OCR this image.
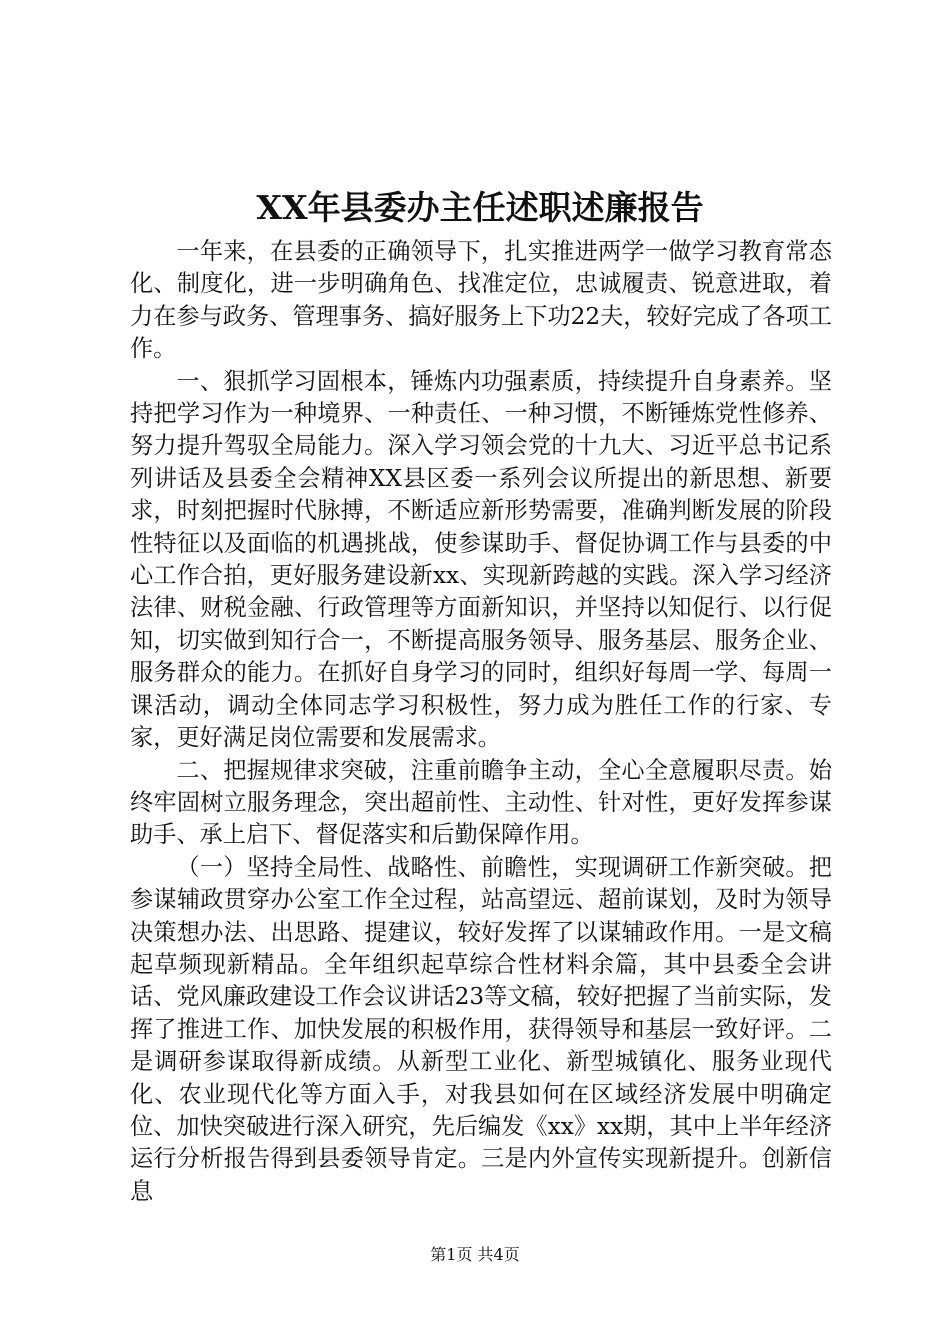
XX年县委办主任述职述廉报告

一年来，在县委的正确领导下，扎实推进两学一做学习教育常态化、制度化，进一步明确角色、找准定位，忠诚履责、锐意进取，着力在参与政务、管理事务、搞好服务上下功22夫，较好完成了各项工作。

一、狠抓学习固根本，锤炼内功强素质，持续提升自身素养。坚持把学习作为一种境界、一种责任、一种习惯，不断锤炼党性修养、努力提升驾驭全局能力。深入学习领会党的十九大、习近平总书记系列讲话及县委全会精神XX县区委一系列会议所提出的新思想、新要求，时刻把握时代脉搏，不断适应新形势需要，准确判断发展的阶段性特征以及面临的机遇挑战，使参谋助手、督促协调工作与县委的中心工作合拍，更好服务建设新xx、实现新跨越的实践。深入学习经济法律、财税金融、行政管理等方面新知识，并坚持以知促行、以行促知，切实做到知行合一，不断提高服务领导、服务基层、服务企业、服务群众的能力。在抓好自身学习的同时，组织好每周一学、每周一课活动，调动全体同志学习积极性，努力成为胜任工作的行家、专家，更好满足岗位需要和发展需求。

二、把握规律求突破，注重前瞻争主动，全心全意履职尽责。始终牢固树立服务理念，突出超前性、主动性、针对性，更好发挥参谋助手、承上启下、督促落实和后勤保障作用。

（一）坚持全局性、战略性、前瞻性，实现调研工作新突破。把参谋辅政贯穿办公室工作全过程，站高望远、超前谋划，及时为领导决策想办法、出思路、提建议，较好发挥了以谋辅政作用。一是文稿起草频现新精品。全年组织起草综合性材料余篇，其中县委全会讲话、党风廉政建设工作会议讲话23等文稿，较好把握了当前实际，发挥了推进工作、加快发展的积极作用，获得领导和基层一致好评。二是调研参谋取得新成绩。从新型工业化、新型城镇化、服务业现代化、农业现代化等方面入手，对我县如何在区域经济发展中明确定位、加快突破进行深入研究，先后编发《xx》xx期，其中上半年经济运行分析报告得到县委领导肯定。三是内外宣传实现新提升。创新信息

第1页 共4页
